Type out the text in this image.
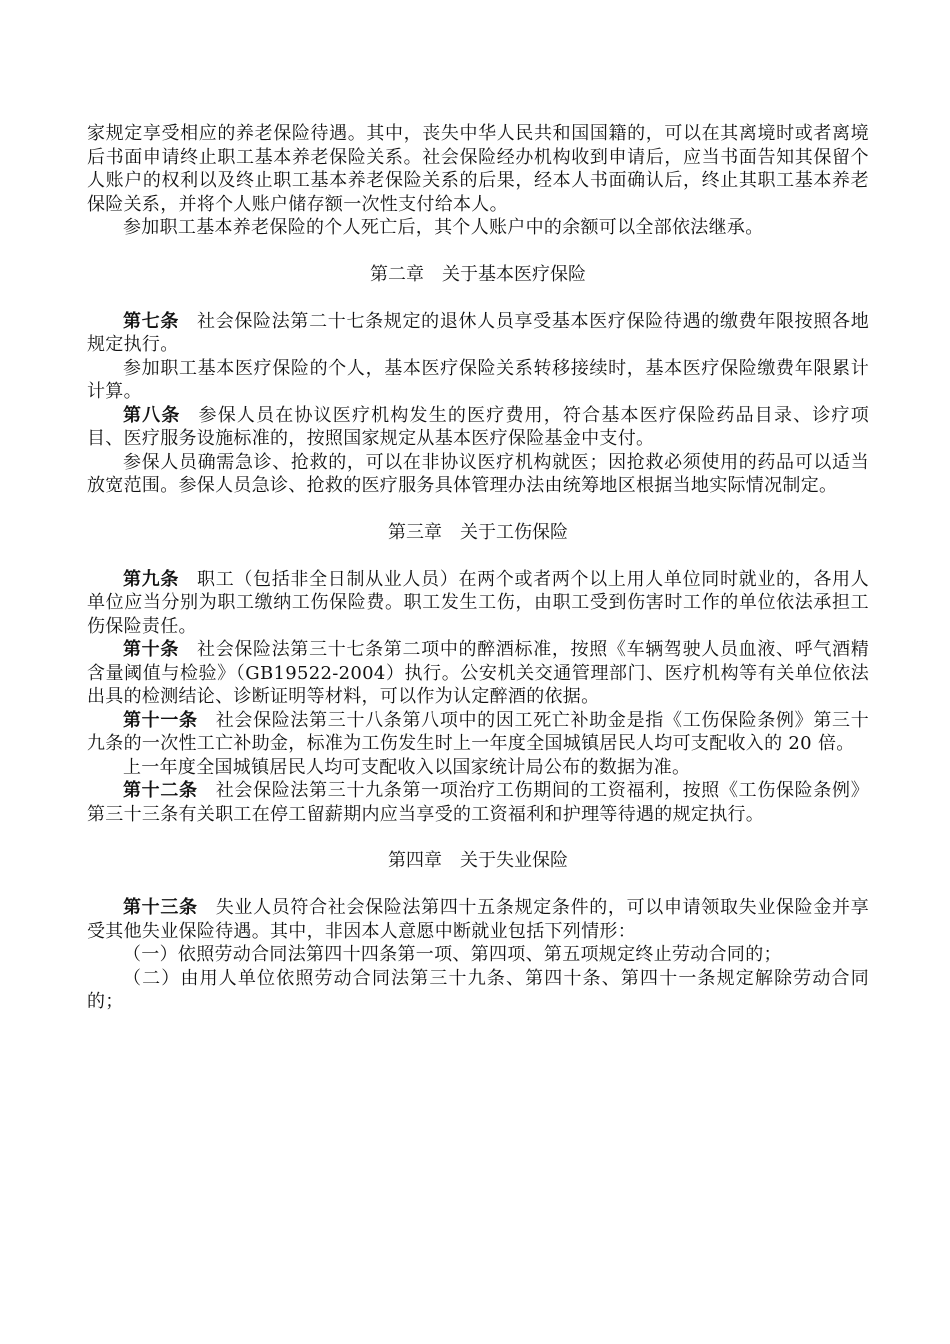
家规定享受相应的养老保险待遇。其中，丧失中华人民共和国国籍的，可以在其离境时或者离境后书面申请终止职工基本养老保险关系。社会保险经办机构收到申请后，应当书面告知其保留个人账户的权利以及终止职工基本养老保险关系的后果，经本人书面确认后，终止其职工基本养老保险关系，并将个人账户储存额一次性支付给本人。

参加职工基本养老保险的个人死亡后，其个人账户中的余额可以全部依法继承。

第二章 关于基本医疗保险

第七条 社会保险法第二十七条规定的退休人员享受基本医疗保险待遇的缴费年限按照各地规定执行。

参加职工基本医疗保险的个人，基本医疗保险关系转移接续时，基本医疗保险缴费年限累计计算。

第八条 参保人员在协议医疗机构发生的医疗费用，符合基本医疗保险药品目录、诊疗项目、医疗服务设施标准的，按照国家规定从基本医疗保险基金中支付。

参保人员确需急诊、抢救的，可以在非协议医疗机构就医；因抢救必须使用的药品可以适当放宽范围。参保人员急诊、抢救的医疗服务具体管理办法由统筹地区根据当地实际情况制定。

第三章 关于工伤保险

第九条 职工（包括非全日制从业人员）在两个或者两个以上用人单位同时就业的，各用人单位应当分别为职工缴纳工伤保险费。职工发生工伤，由职工受到伤害时工作的单位依法承担工伤保险责任。

第十条 社会保险法第三十七条第二项中的醉酒标准，按照《车辆驾驶人员血液、呼气酒精含量阈值与检验》（GB19522-2004）执行。公安机关交通管理部门、医疗机构等有关单位依法出具的检测结论、诊断证明等材料，可以作为认定醉酒的依据。

第十一条 社会保险法第三十八条第八项中的因工死亡补助金是指《工伤保险条例》第三十九条的一次性工亡补助金，标准为工伤发生时上一年度全国城镇居民人均可支配收入的 20 倍。

上一年度全国城镇居民人均可支配收入以国家统计局公布的数据为准。

第十二条 社会保险法第三十九条第一项治疗工伤期间的工资福利，按照《工伤保险条例》第三十三条有关职工在停工留薪期内应当享受的工资福利和护理等待遇的规定执行。

第四章 关于失业保险

第十三条 失业人员符合社会保险法第四十五条规定条件的，可以申请领取失业保险金并享受其他失业保险待遇。其中，非因本人意愿中断就业包括下列情形：

（一）依照劳动合同法第四十四条第一项、第四项、第五项规定终止劳动合同的；

（二）由用人单位依照劳动合同法第三十九条、第四十条、第四十一条规定解除劳动合同的；
